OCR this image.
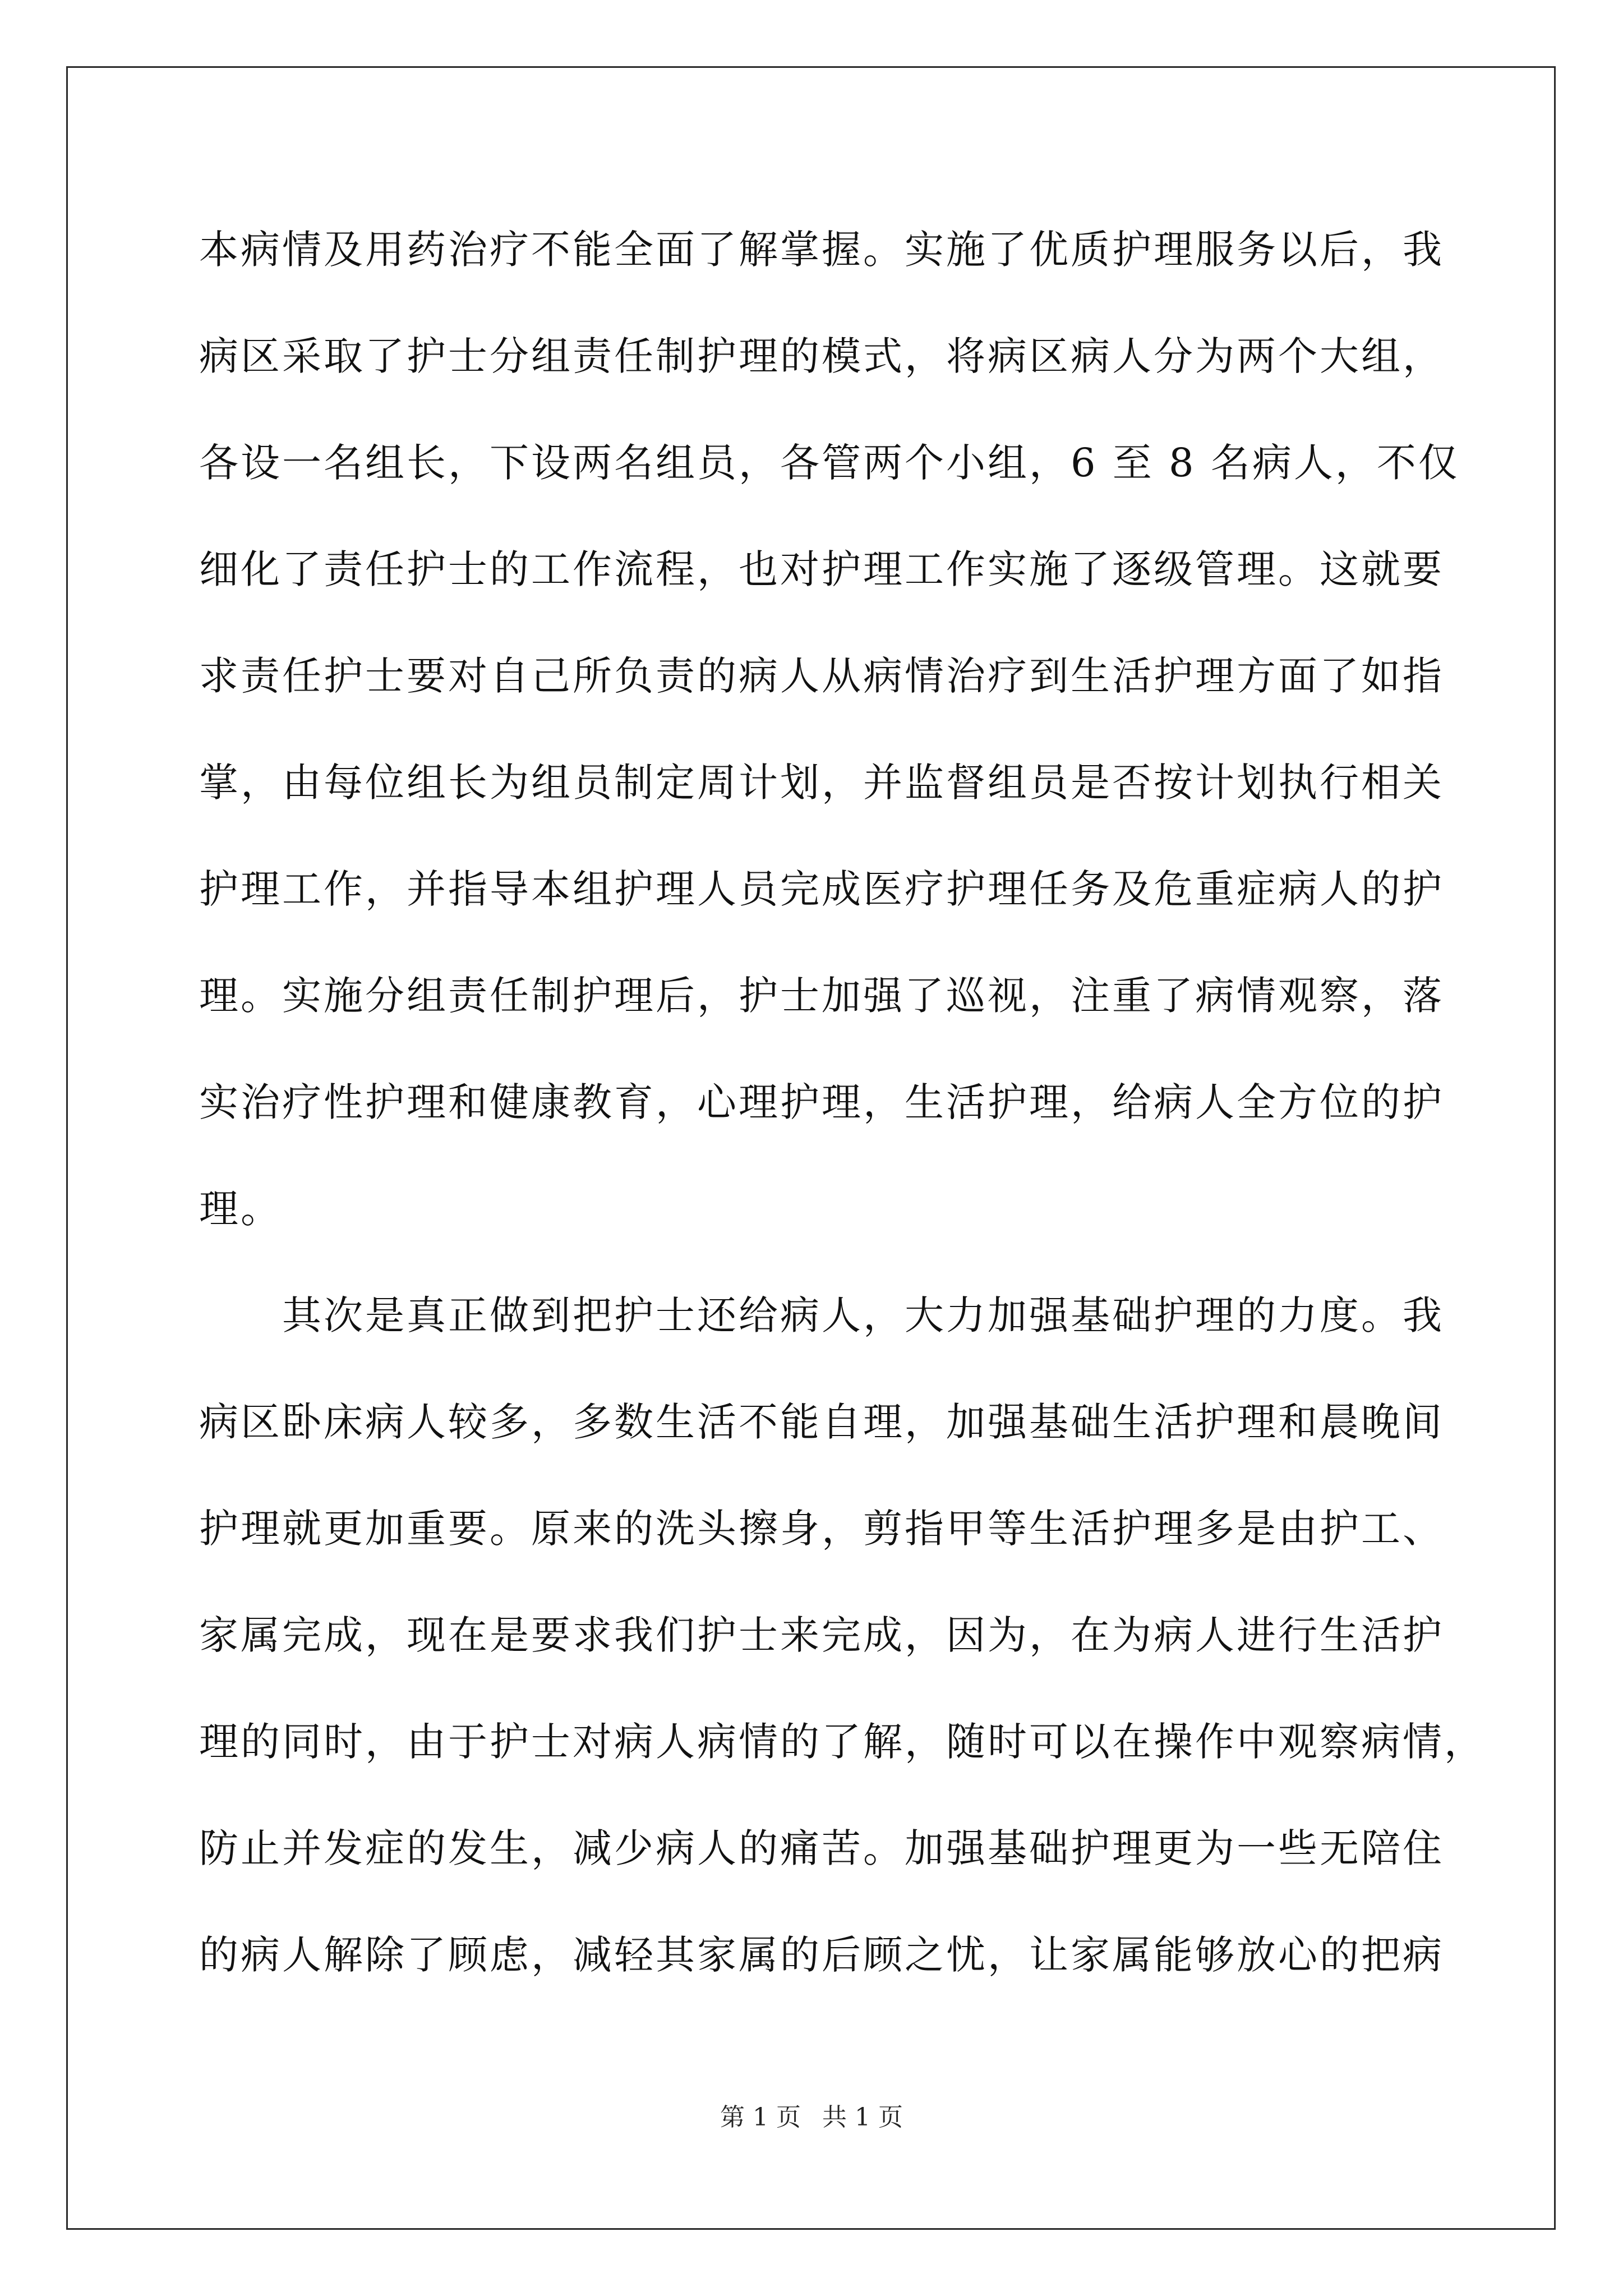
本病情及用药治疗不能全面了解掌握。实施了优质护理服务以后，我
病区采取了护士分组责任制护理的模式，将病区病人分为两个大组，
各设一名组长，下设两名组员，各管两个小组，6 至 8 名病人，不仅
细化了责任护士的工作流程，也对护理工作实施了逐级管理。这就要
求责任护士要对自己所负责的病人从病情治疗到生活护理方面了如指
掌，由每位组长为组员制定周计划，并监督组员是否按计划执行相关
护理工作，并指导本组护理人员完成医疗护理任务及危重症病人的护
理。实施分组责任制护理后，护士加强了巡视，注重了病情观察，落
实治疗性护理和健康教育，心理护理，生活护理，给病人全方位的护
理。
其次是真正做到把护士还给病人，大力加强基础护理的力度。我
病区卧床病人较多，多数生活不能自理，加强基础生活护理和晨晚间
护理就更加重要。原来的洗头擦身，剪指甲等生活护理多是由护工、
家属完成，现在是要求我们护士来完成，因为，在为病人进行生活护
理的同时，由于护士对病人病情的了解，随时可以在操作中观察病情，
防止并发症的发生，减少病人的痛苦。加强基础护理更为一些无陪住
的病人解除了顾虑，减轻其家属的后顾之忧，让家属能够放心的把病
第 1 页 共 1 页
